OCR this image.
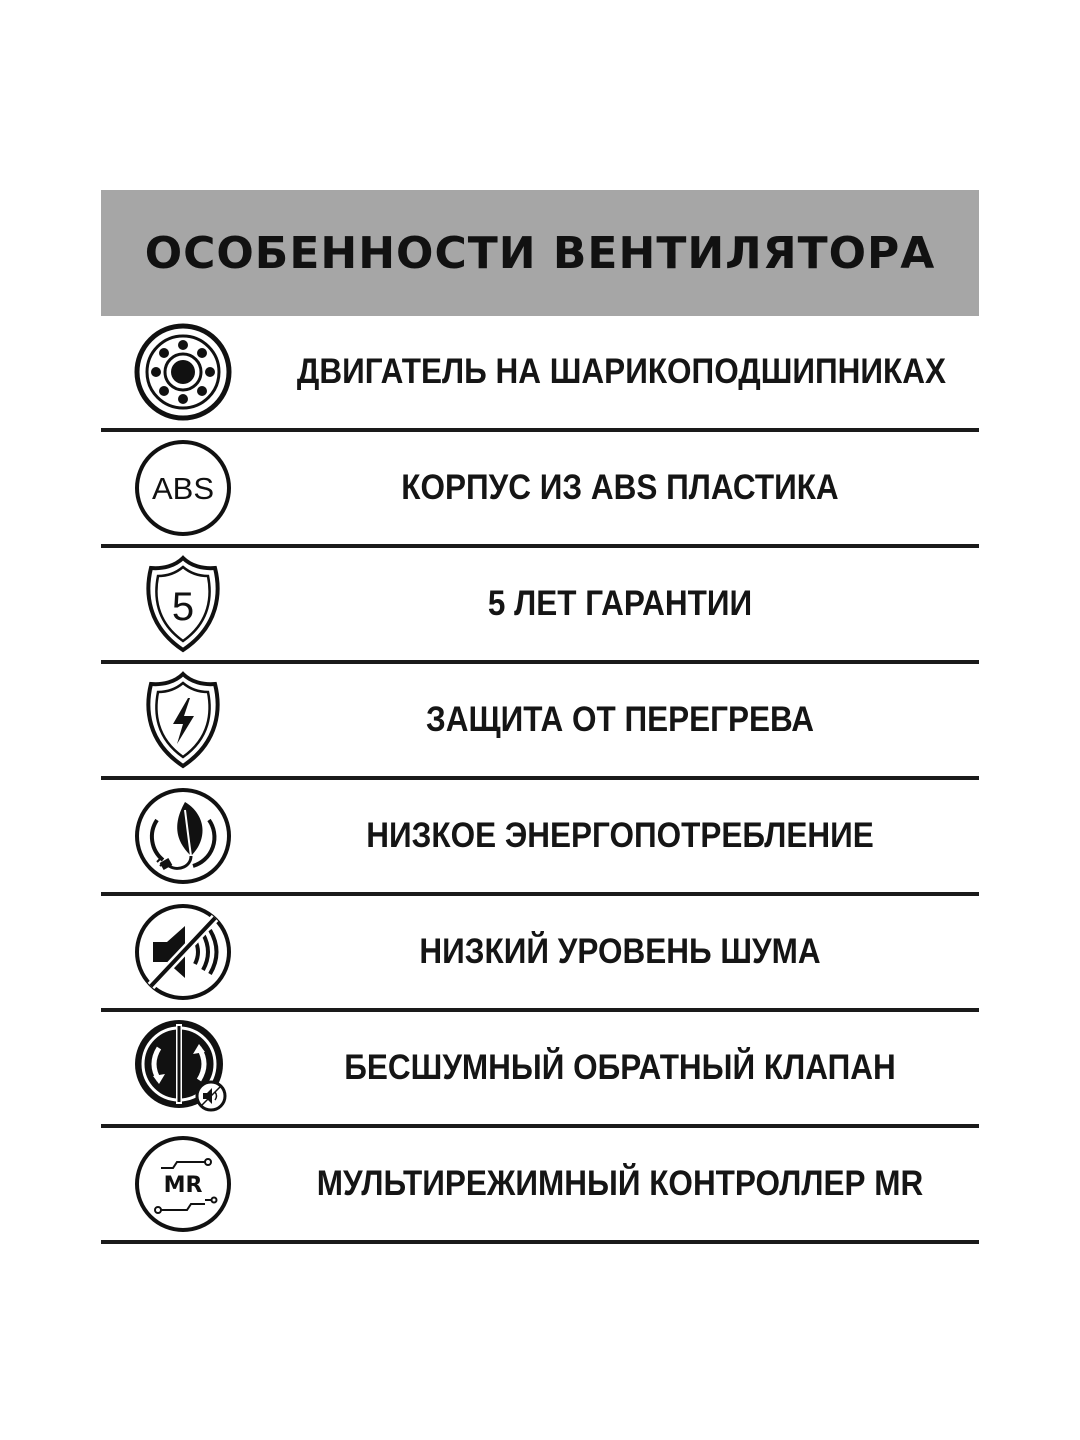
ОСОБЕННОСТИ ВЕНТИЛЯТОРА
ДВИГАТЕЛЬ НА ШАРИКОПОДШИПНИКАХ
ABS	КОРПУС ИЗ ABS ПЛАСТИКА
5	5 ЛЕТ ГАРАНТИИ
ЗАЩИТА ОТ ПЕРЕГРЕВА
НИЗКОЕ ЭНЕРГОПОТРЕБЛЕНИЕ
НИЗКИЙ УРОВЕНЬ ШУМА
БЕСШУМНЫЙ ОБРАТНЫЙ КЛАПАН
MR	МУЛЬТИРЕЖИМНЫЙ КОНТРОЛЛЕР MR
